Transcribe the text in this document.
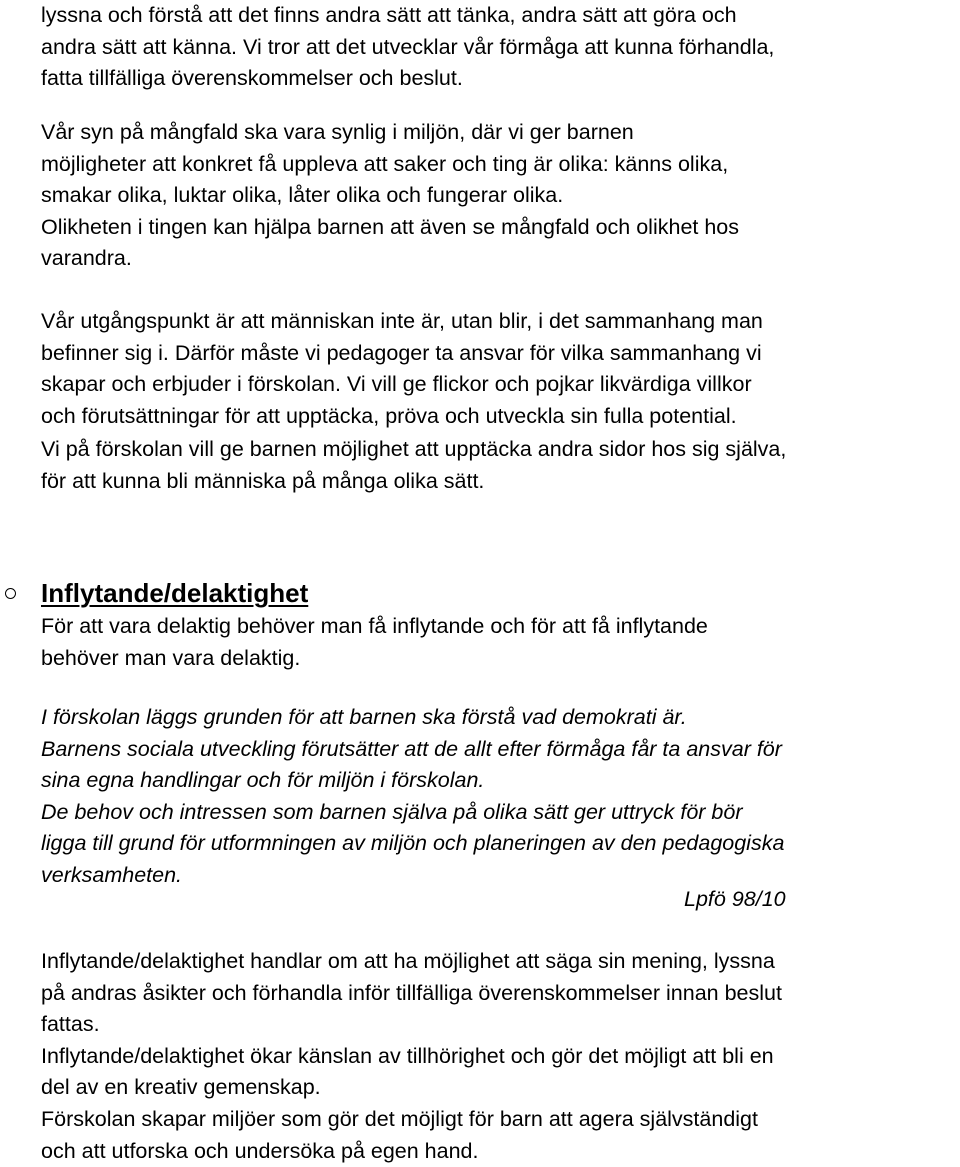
lyssna och förstå att det finns andra sätt att tänka, andra sätt att göra och
andra sätt att känna. Vi tror att det utvecklar vår förmåga att kunna förhandla,
fatta tillfälliga överenskommelser och beslut.

Vår syn på mångfald ska vara synlig i miljön, där vi ger barnen
möjligheter att konkret få uppleva att saker och ting är olika: känns olika,
smakar olika, luktar olika, låter olika och fungerar olika.
Olikheten i tingen kan hjälpa barnen att även se mångfald och olikhet hos
varandra.

Vår utgångspunkt är att människan inte är, utan blir, i det sammanhang man
befinner sig i. Därför måste vi pedagoger ta ansvar för vilka sammanhang vi
skapar och erbjuder i förskolan. Vi vill ge flickor och pojkar likvärdiga villkor
och förutsättningar för att upptäcka, pröva och utveckla sin fulla potential.

Vi på förskolan vill ge barnen möjlighet att upptäcka andra sidor hos sig själva,
för att kunna bli människa på många olika sätt.

Inflytande/delaktighet

För att vara delaktig behöver man få inflytande och för att få inflytande
behöver man vara delaktig.

I förskolan läggs grunden för att barnen ska förstå vad demokrati är.
Barnens sociala utveckling förutsätter att de allt efter förmåga får ta ansvar för
sina egna handlingar och för miljön i förskolan.
De behov och intressen som barnen själva på olika sätt ger uttryck för bör
ligga till grund för utformningen av miljön och planeringen av den pedagogiska
verksamheten.

Lpfö 98/10

Inflytande/delaktighet handlar om att ha möjlighet att säga sin mening, lyssna
på andras åsikter och förhandla inför tillfälliga överenskommelser innan beslut
fattas.
Inflytande/delaktighet ökar känslan av tillhörighet och gör det möjligt att bli en
del av en kreativ gemenskap.
Förskolan skapar miljöer som gör det möjligt för barn att agera självständigt
och att utforska och undersöka på egen hand.
